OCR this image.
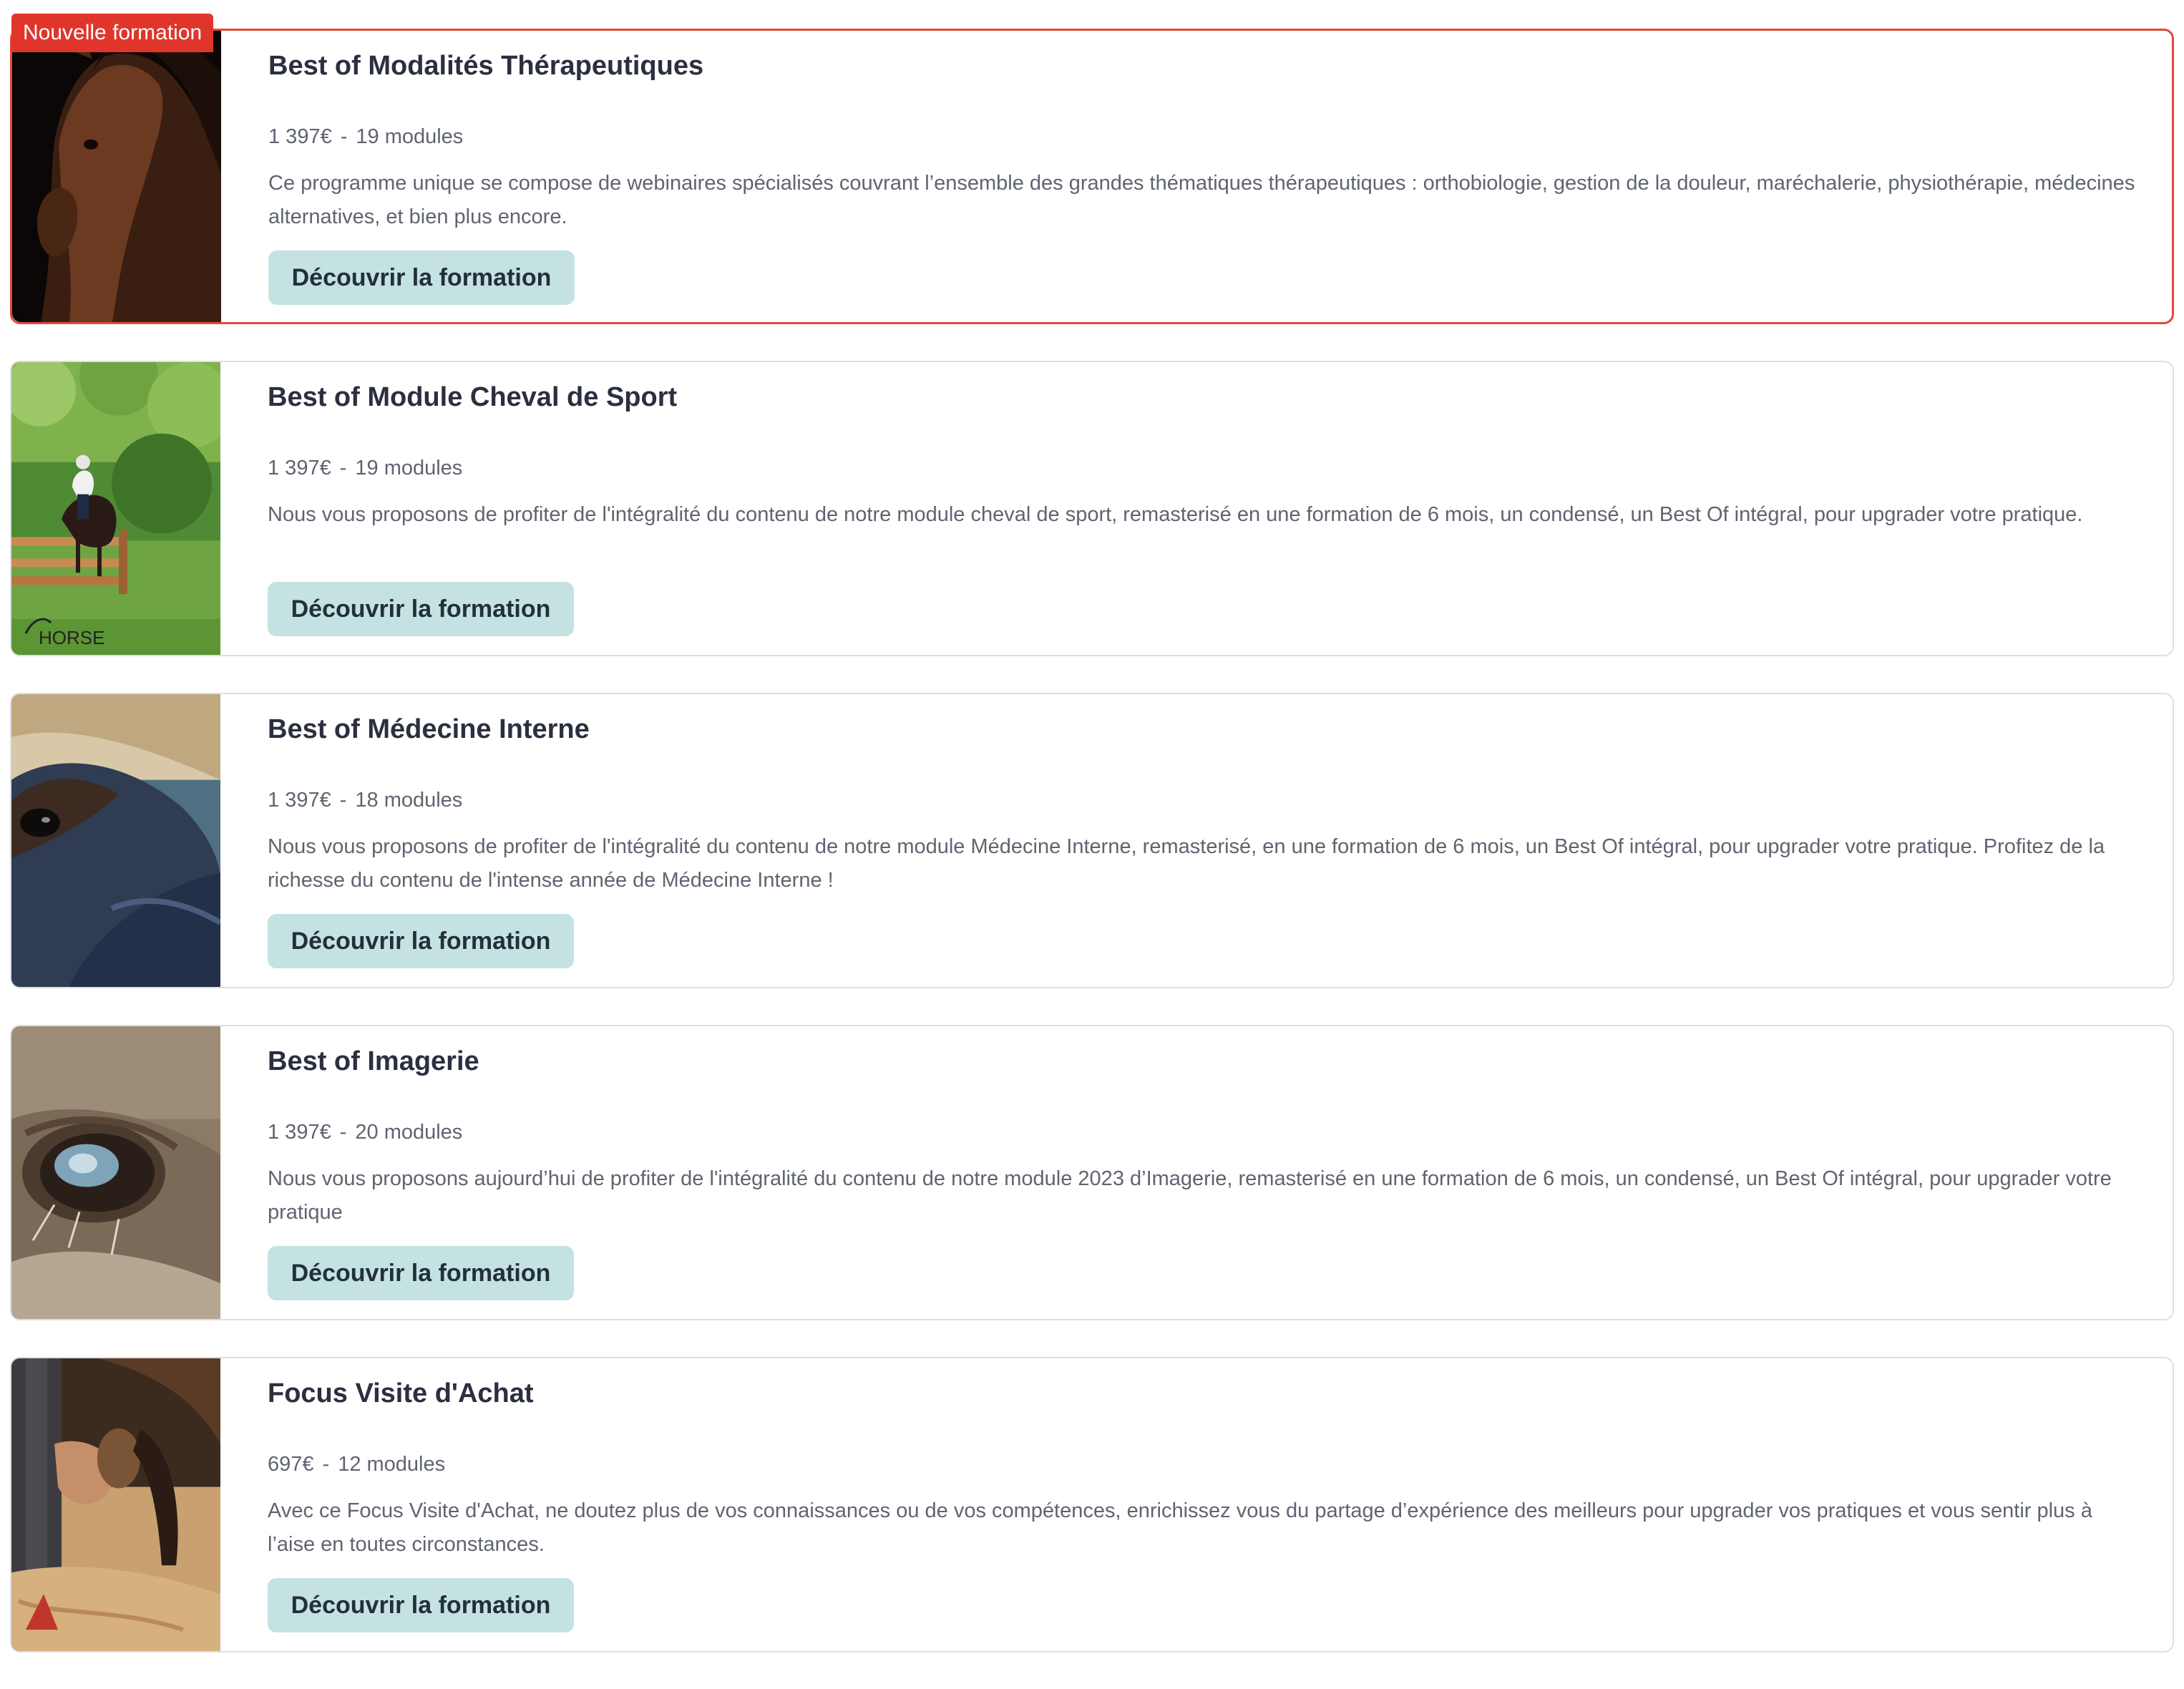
Nouvelle formation
Best of Modalités Thérapeutiques
1 397€ - 19 modules
Ce programme unique se compose de webinaires spécialisés couvrant l’ensemble des grandes thématiques thérapeutiques : orthobiologie, gestion de la douleur, maréchalerie, physiothérapie, médecines alternatives, et bien plus encore.
Découvrir la formation
HORSE
Best of Module Cheval de Sport
1 397€ - 19 modules
Nous vous proposons de profiter de l'intégralité du contenu de notre module cheval de sport, remasterisé en une formation de 6 mois, un condensé, un Best Of intégral, pour upgrader votre pratique.
Découvrir la formation
Best of Médecine Interne
1 397€ - 18 modules
Nous vous proposons de profiter de l'intégralité du contenu de notre module Médecine Interne, remasterisé, en une formation de 6 mois, un Best Of intégral, pour upgrader votre pratique. Profitez de la richesse du contenu de l'intense année de Médecine Interne !
Découvrir la formation
Best of Imagerie
1 397€ - 20 modules
Nous vous proposons aujourd’hui de profiter de l'intégralité du contenu de notre module 2023 d’Imagerie, remasterisé en une formation de 6 mois, un condensé, un Best Of intégral, pour upgrader votre pratique
Découvrir la formation
Focus Visite d'Achat
697€ - 12 modules
Avec ce Focus Visite d'Achat, ne doutez plus de vos connaissances ou de vos compétences, enrichissez vous du partage d’expérience des meilleurs pour upgrader vos pratiques et vous sentir plus à l’aise en toutes circonstances.
Découvrir la formation
